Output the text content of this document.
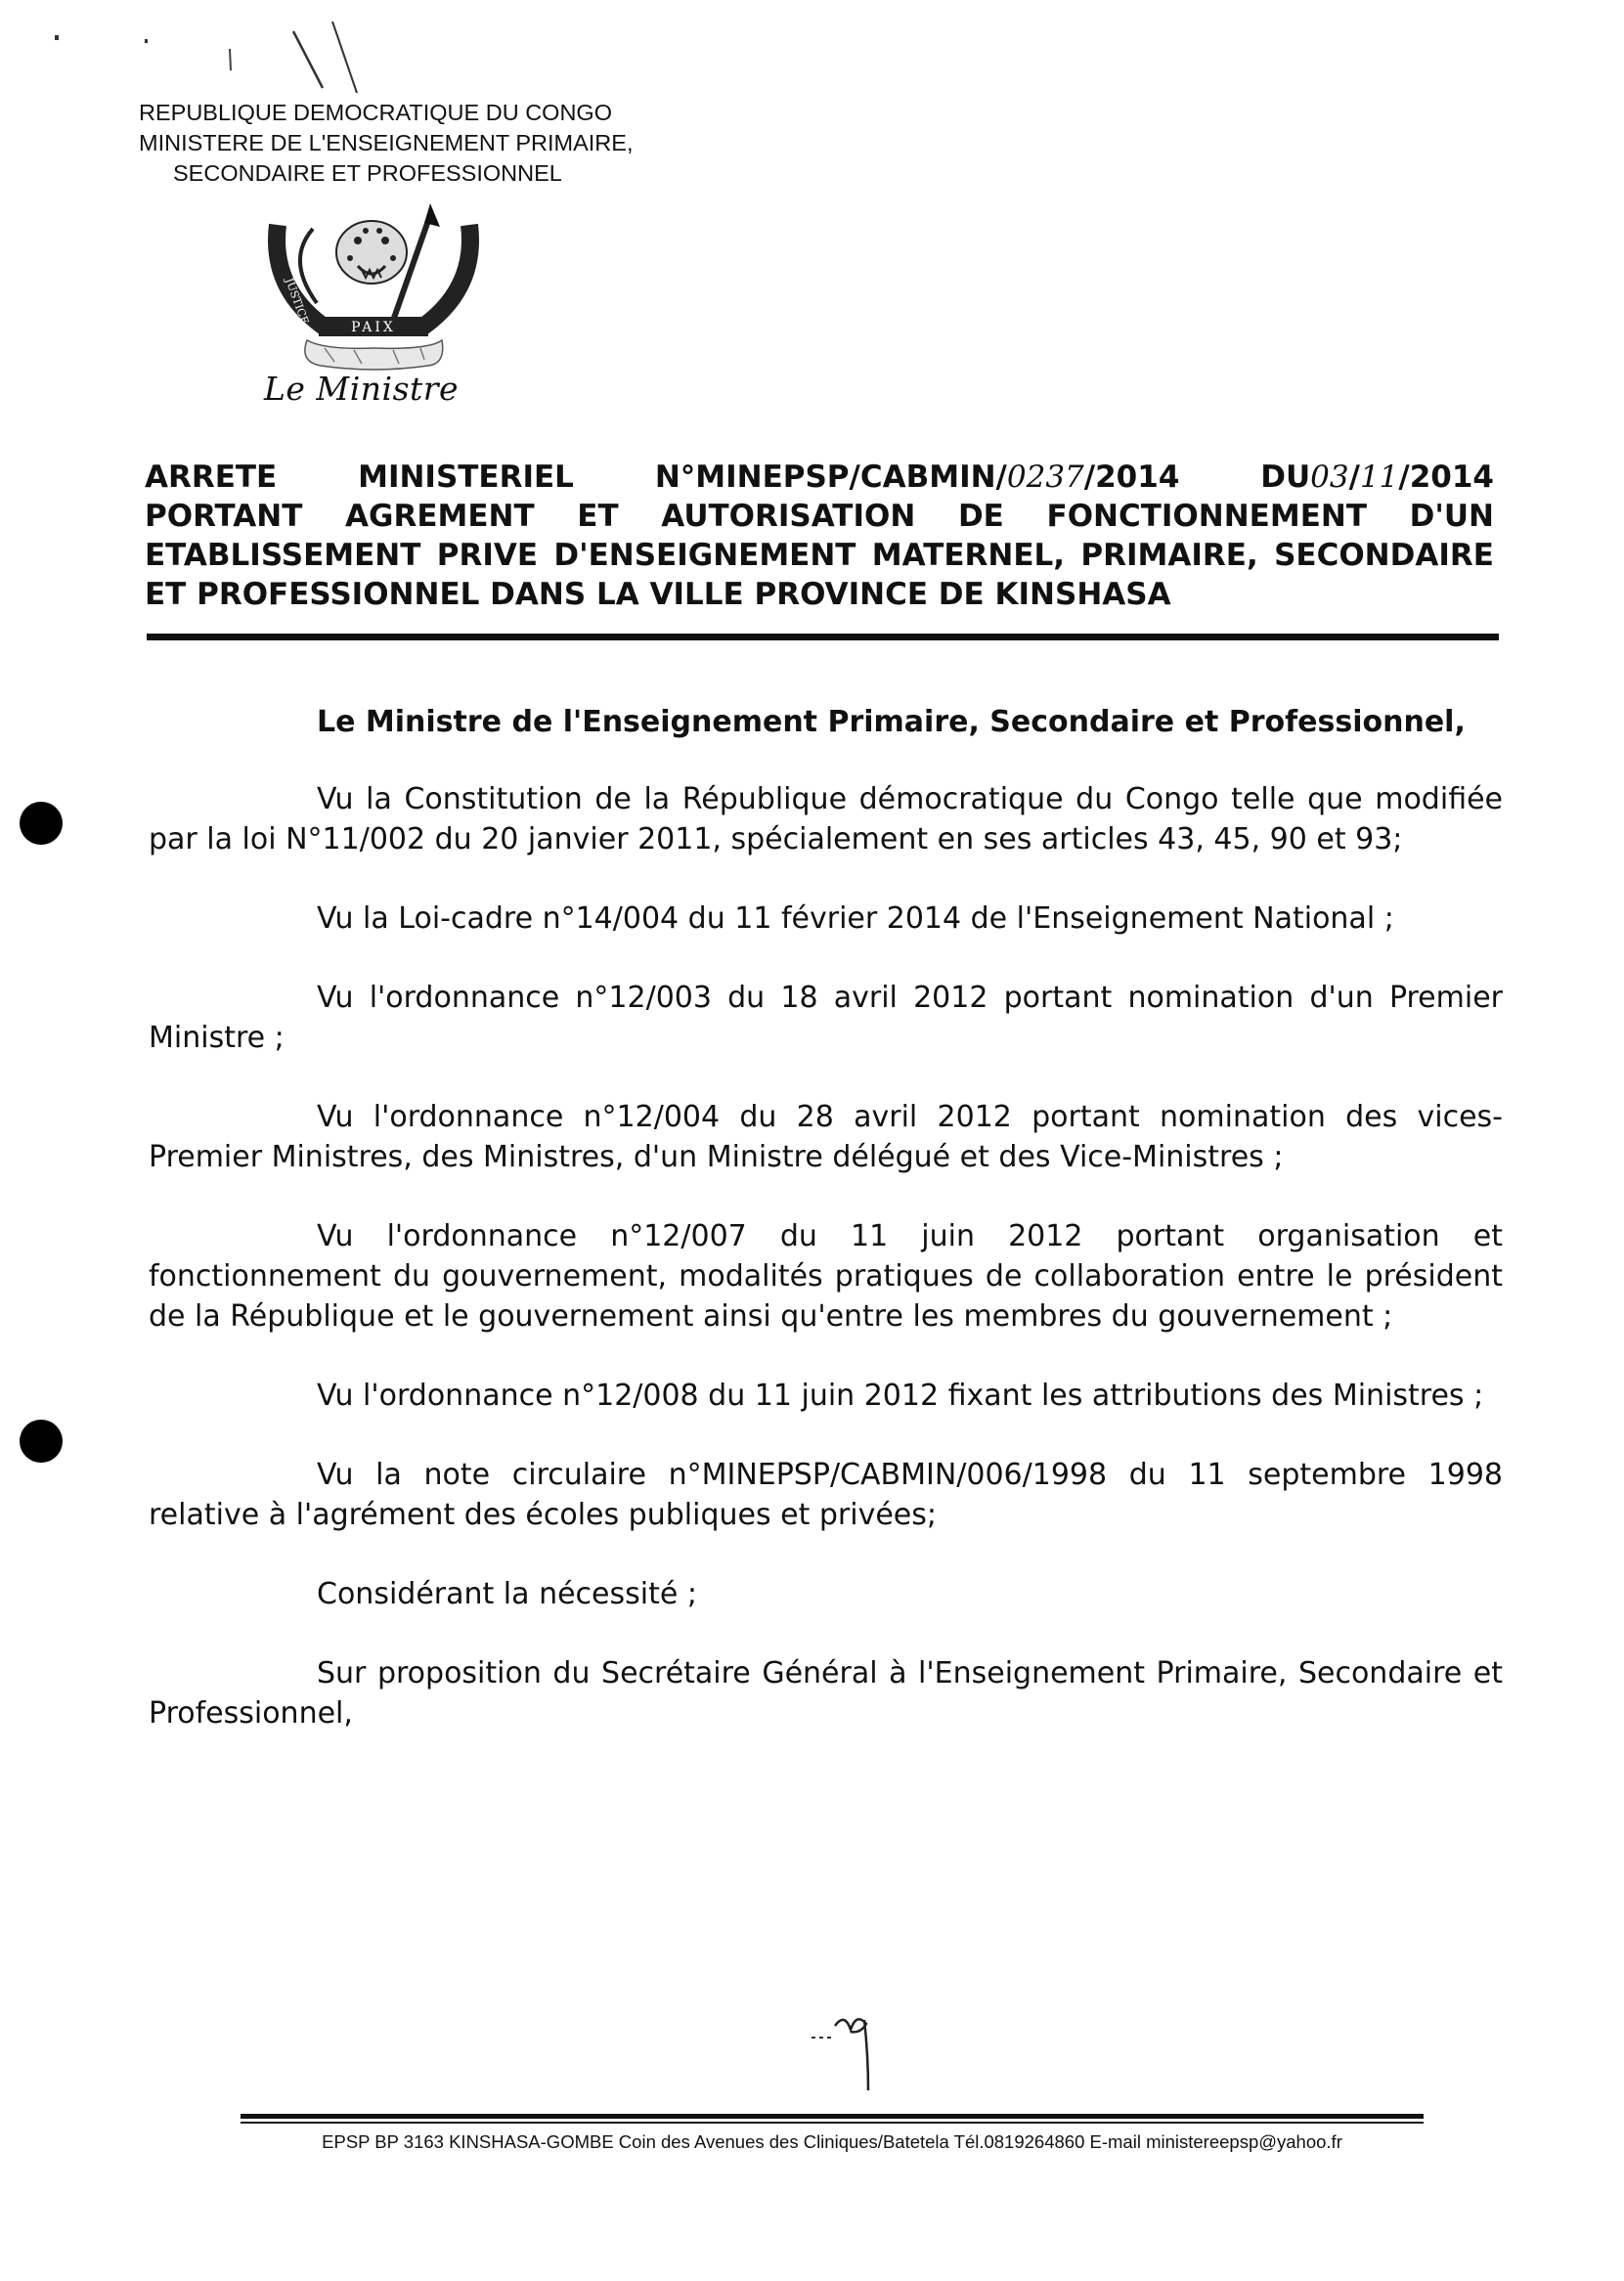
REPUBLIQUE DEMOCRATIQUE DU CONGO
MINISTERE DE L'ENSEIGNEMENT PRIMAIRE,
SECONDAIRE ET PROFESSIONNEL
JUSTICE
TRAVAIL
PAIX
Le Ministre
ARRETE	MINISTERIEL	N°MINEPSP/CABMIN/0237/2014	DU03/11/2014
PORTANT AGREMENT ET AUTORISATION DE FONCTIONNEMENT D'UN
ETABLISSEMENT PRIVE D'ENSEIGNEMENT MATERNEL, PRIMAIRE, SECONDAIRE
ET PROFESSIONNEL DANS LA VILLE PROVINCE DE KINSHASA
Le Ministre de l'Enseignement Primaire, Secondaire et Professionnel,
Vu la Constitution de la République démocratique du Congo telle que modifiée par la loi N°11/002 du 20 janvier 2011, spécialement en ses articles 43, 45, 90 et 93;
Vu la Loi-cadre n°14/004 du 11 février 2014 de l'Enseignement National ;
Vu l'ordonnance n°12/003 du 18 avril 2012 portant nomination d'un Premier Ministre ;
Vu l'ordonnance n°12/004 du 28 avril 2012 portant nomination des vices-Premier Ministres, des Ministres, d'un Ministre délégué et des Vice-Ministres ;
Vu l'ordonnance n°12/007 du 11 juin 2012 portant organisation et fonctionnement du gouvernement, modalités pratiques de collaboration entre le président de la République et le gouvernement ainsi qu'entre les membres du gouvernement ;
Vu l'ordonnance n°12/008 du 11 juin 2012 fixant les attributions des Ministres ;
Vu la note circulaire n°MINEPSP/CABMIN/006/1998 du 11 septembre 1998 relative à l'agrément des écoles publiques et privées;
Considérant la nécessité ;
Sur proposition du Secrétaire Général à l'Enseignement Primaire, Secondaire et Professionnel,
EPSP BP 3163 KINSHASA-GOMBE Coin des Avenues des Cliniques/Batetela Tél.0819264860 E-mail ministereepsp@yahoo.fr
